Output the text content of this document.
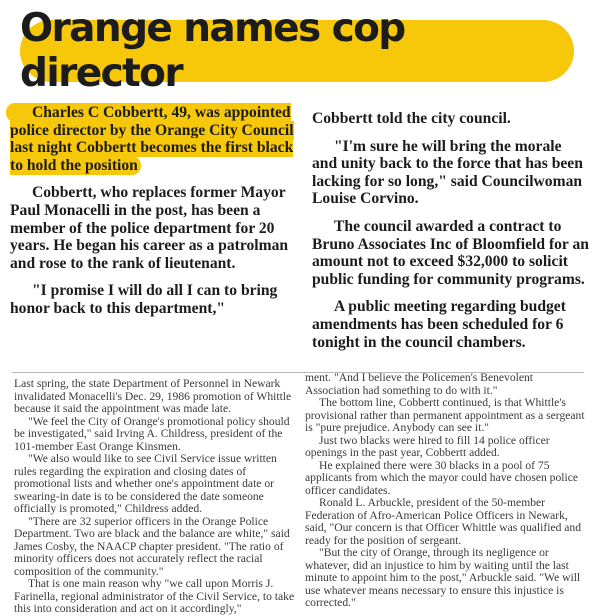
Orange names cop director

Charles C Cobbertt, 49, was appointed police director by the Orange City Council last night Cobbertt becomes the first black to hold the position

Cobbertt, who replaces former Mayor Paul Monacelli in the post, has been a member of the police department for 20 years. He began his career as a patrolman and rose to the rank of lieutenant.

"I promise I will do all I can to bring honor back to this department,"

Cobbertt told the city council.

"I'm sure he will bring the morale and unity back to the force that has been lacking for so long," said Councilwoman Louise Corvino.

The council awarded a contract to Bruno Associates Inc of Bloomfield for an amount not to exceed $32,000 to solicit public funding for community programs.

A public meeting regarding budget amendments has been scheduled for 6 tonight in the council chambers.

Last spring, the state Department of Personnel in Newark invalidated Monacelli's Dec. 29, 1986 promotion of Whittle because it said the appointment was made late.

"We feel the City of Orange's promotional policy should be investigated," said Irving A. Childress, president of the 101-member East Orange Kinsmen.

"We also would like to see Civil Service issue written rules regarding the expiration and closing dates of promotional lists and whether one's appointment date or swearing-in date is to be considered the date someone officially is promoted," Childress added.

"There are 32 superior officers in the Orange Police Department. Two are black and the balance are white," said James Cosby, the NAACP chapter president. "The ratio of minority officers does not accurately reflect the racial composition of the community."

That is one main reason why "we call upon Morris J. Farinella, regional administrator of the Civil Service, to take this into consideration and act on it accordingly,"

ment. "And I believe the Policemen's Benevolent Association had something to do with it."

The bottom line, Cobbertt continued, is that Whittle's provisional rather than permanent appointment as a sergeant is "pure prejudice. Anybody can see it."

Just two blacks were hired to fill 14 police officer openings in the past year, Cobbertt added.

He explained there were 30 blacks in a pool of 75 applicants from which the mayor could have chosen police officer candidates.

Ronald L. Arbuckle, president of the 50-member Federation of Afro-American Police Officers in Newark, said, "Our concern is that Officer Whittle was qualified and ready for the position of sergeant.

"But the city of Orange, through its negligence or whatever, did an injustice to him by waiting until the last minute to appoint him to the post," Arbuckle said. "We will use whatever means necessary to ensure this injustice is corrected."
